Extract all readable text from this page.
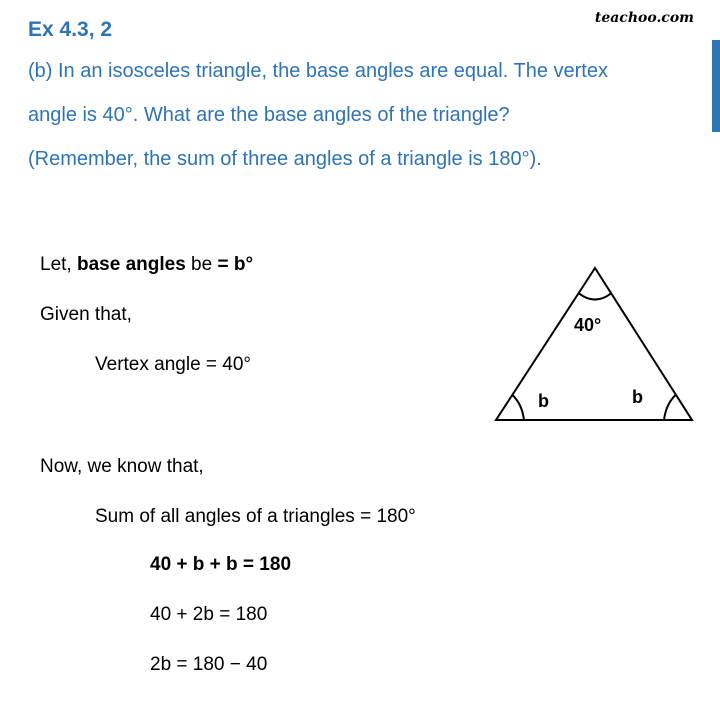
Ex 4.3, 2	teachoo.com
(b) In an isosceles triangle, the base angles are equal. The vertex
angle is 40°. What are the base angles of the triangle?
(Remember, the sum of three angles of a triangle is 180°).
Let, base angles be = b°
Given that,
Vertex angle = 40°
Now, we know that,
Sum of all angles of a triangles = 180°
40 + b + b = 180
40 + 2b = 180
2b = 180 − 40
40°
b	b
